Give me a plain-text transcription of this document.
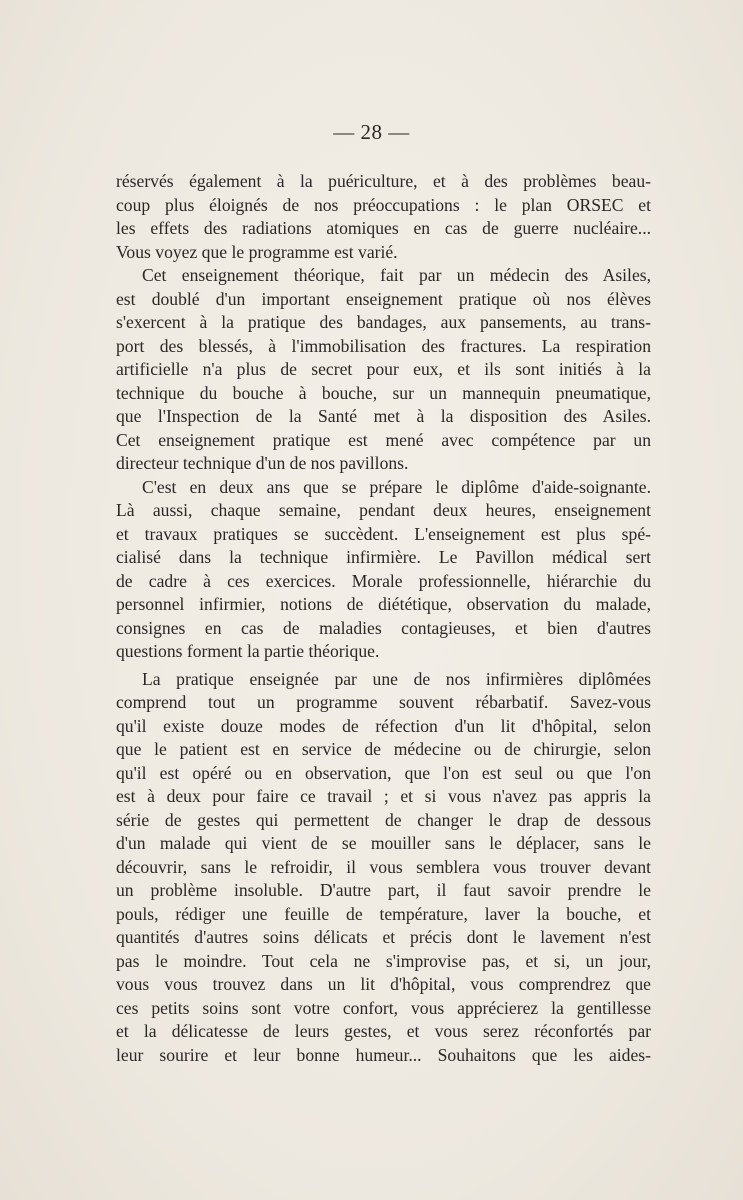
— 28 —
réservés également à la puériculture, et à des problèmes beau-
coup plus éloignés de nos préoccupations : le plan ORSEC et
les effets des radiations atomiques en cas de guerre nucléaire...
Vous voyez que le programme est varié.
Cet enseignement théorique, fait par un médecin des Asiles,
est doublé d'un important enseignement pratique où nos élèves
s'exercent à la pratique des bandages, aux pansements, au trans-
port des blessés, à l'immobilisation des fractures. La respiration
artificielle n'a plus de secret pour eux, et ils sont initiés à la
technique du bouche à bouche, sur un mannequin pneumatique,
que l'Inspection de la Santé met à la disposition des Asiles.
Cet enseignement pratique est mené avec compétence par un
directeur technique d'un de nos pavillons.
C'est en deux ans que se prépare le diplôme d'aide-soignante.
Là aussi, chaque semaine, pendant deux heures, enseignement
et travaux pratiques se succèdent. L'enseignement est plus spé-
cialisé dans la technique infirmière. Le Pavillon médical sert
de cadre à ces exercices. Morale professionnelle, hiérarchie du
personnel infirmier, notions de diététique, observation du malade,
consignes en cas de maladies contagieuses, et bien d'autres
questions forment la partie théorique.
La pratique enseignée par une de nos infirmières diplômées
comprend tout un programme souvent rébarbatif. Savez-vous
qu'il existe douze modes de réfection d'un lit d'hôpital, selon
que le patient est en service de médecine ou de chirurgie, selon
qu'il est opéré ou en observation, que l'on est seul ou que l'on
est à deux pour faire ce travail ; et si vous n'avez pas appris la
série de gestes qui permettent de changer le drap de dessous
d'un malade qui vient de se mouiller sans le déplacer, sans le
découvrir, sans le refroidir, il vous semblera vous trouver devant
un problème insoluble. D'autre part, il faut savoir prendre le
pouls, rédiger une feuille de température, laver la bouche, et
quantités d'autres soins délicats et précis dont le lavement n'est
pas le moindre. Tout cela ne s'improvise pas, et si, un jour,
vous vous trouvez dans un lit d'hôpital, vous comprendrez que
ces petits soins sont votre confort, vous apprécierez la gentillesse
et la délicatesse de leurs gestes, et vous serez réconfortés par
leur sourire et leur bonne humeur... Souhaitons que les aides-
